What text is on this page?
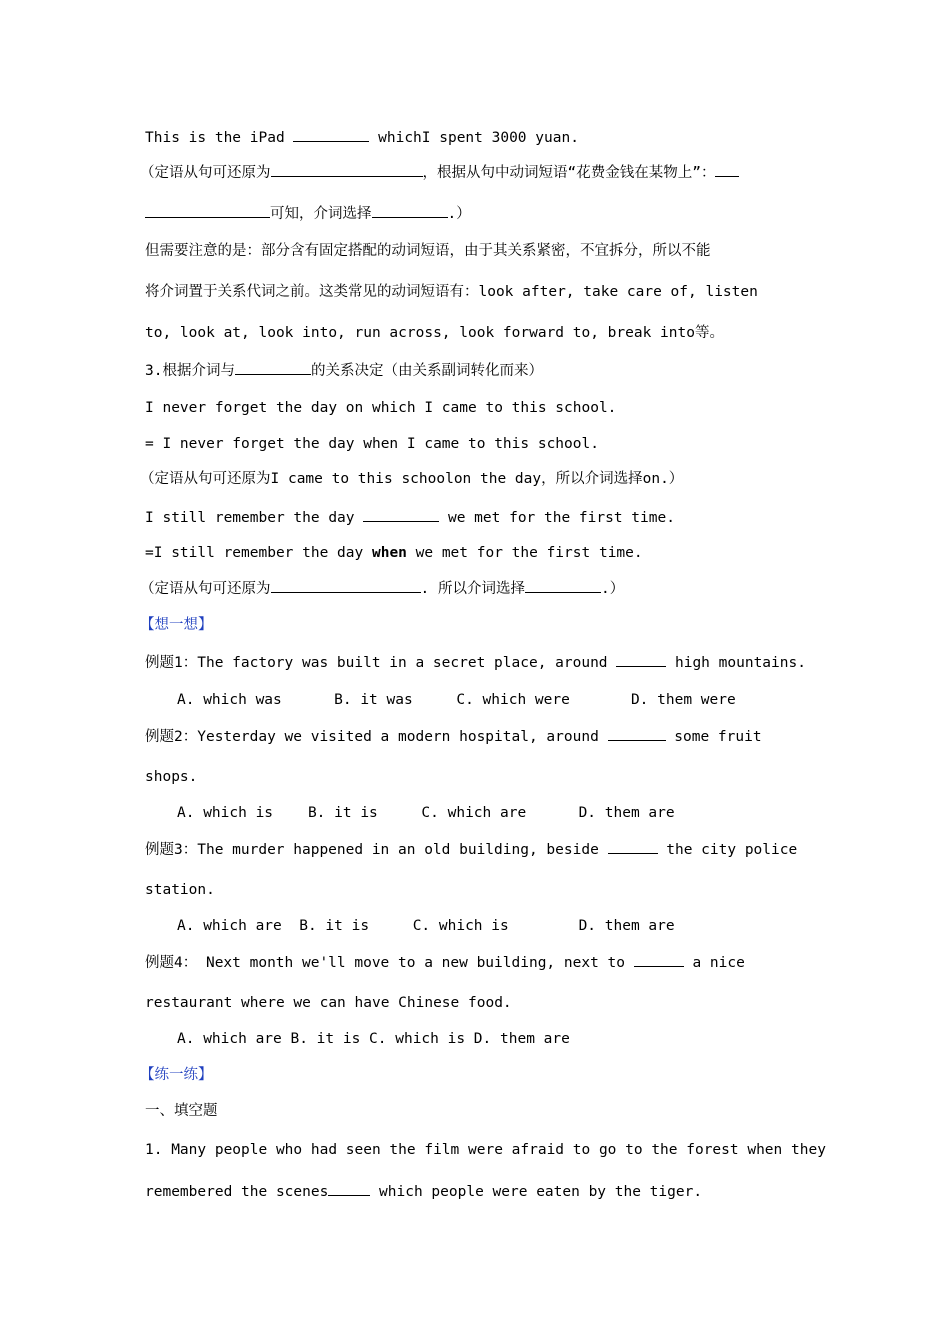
This is the iPad	whichI spent 3000 yuan.
（定语从句可还原为	，根据从句中动词短语“花费金钱在某物上”：
可知，介词选择	.）
但需要注意的是：部分含有固定搭配的动词短语，由于其关系紧密，不宜拆分，所以不能
将介词置于关系代词之前。这类常见的动词短语有：look after, take care of, listen
to, look at, look into, run across, look forward to, break into等。
3.根据介词与	的关系决定（由关系副词转化而来）
I never forget the day on which I came to this school.
= I never forget the day when I came to this school.
（定语从句可还原为I came to this schoolon the day，所以介词选择on.）
I still remember the day	we met for the first time.
=I still remember the day when we met for the first time.
（定语从句可还原为	. 所以介词选择	.）
【想一想】
例题1：The factory was built in a secret place, around	high mountains.
A. which was      B. it was     C. which were       D. them were
例题2：Yesterday we visited a modern hospital, around	some fruit
shops.
A. which is    B. it is     C. which are      D. them are
例题3：The murder happened in an old building, beside	the city police
station.
A. which are  B. it is     C. which is        D. them are
例题4： Next month we'll move to a new building, next to	a nice
restaurant where we can have Chinese food.
A. which are B. it is C. which is D. them are
【练一练】
一、填空题
1. Many people who had seen the film were afraid to go to the forest when they
remembered the scenes	which people were eaten by the tiger.
